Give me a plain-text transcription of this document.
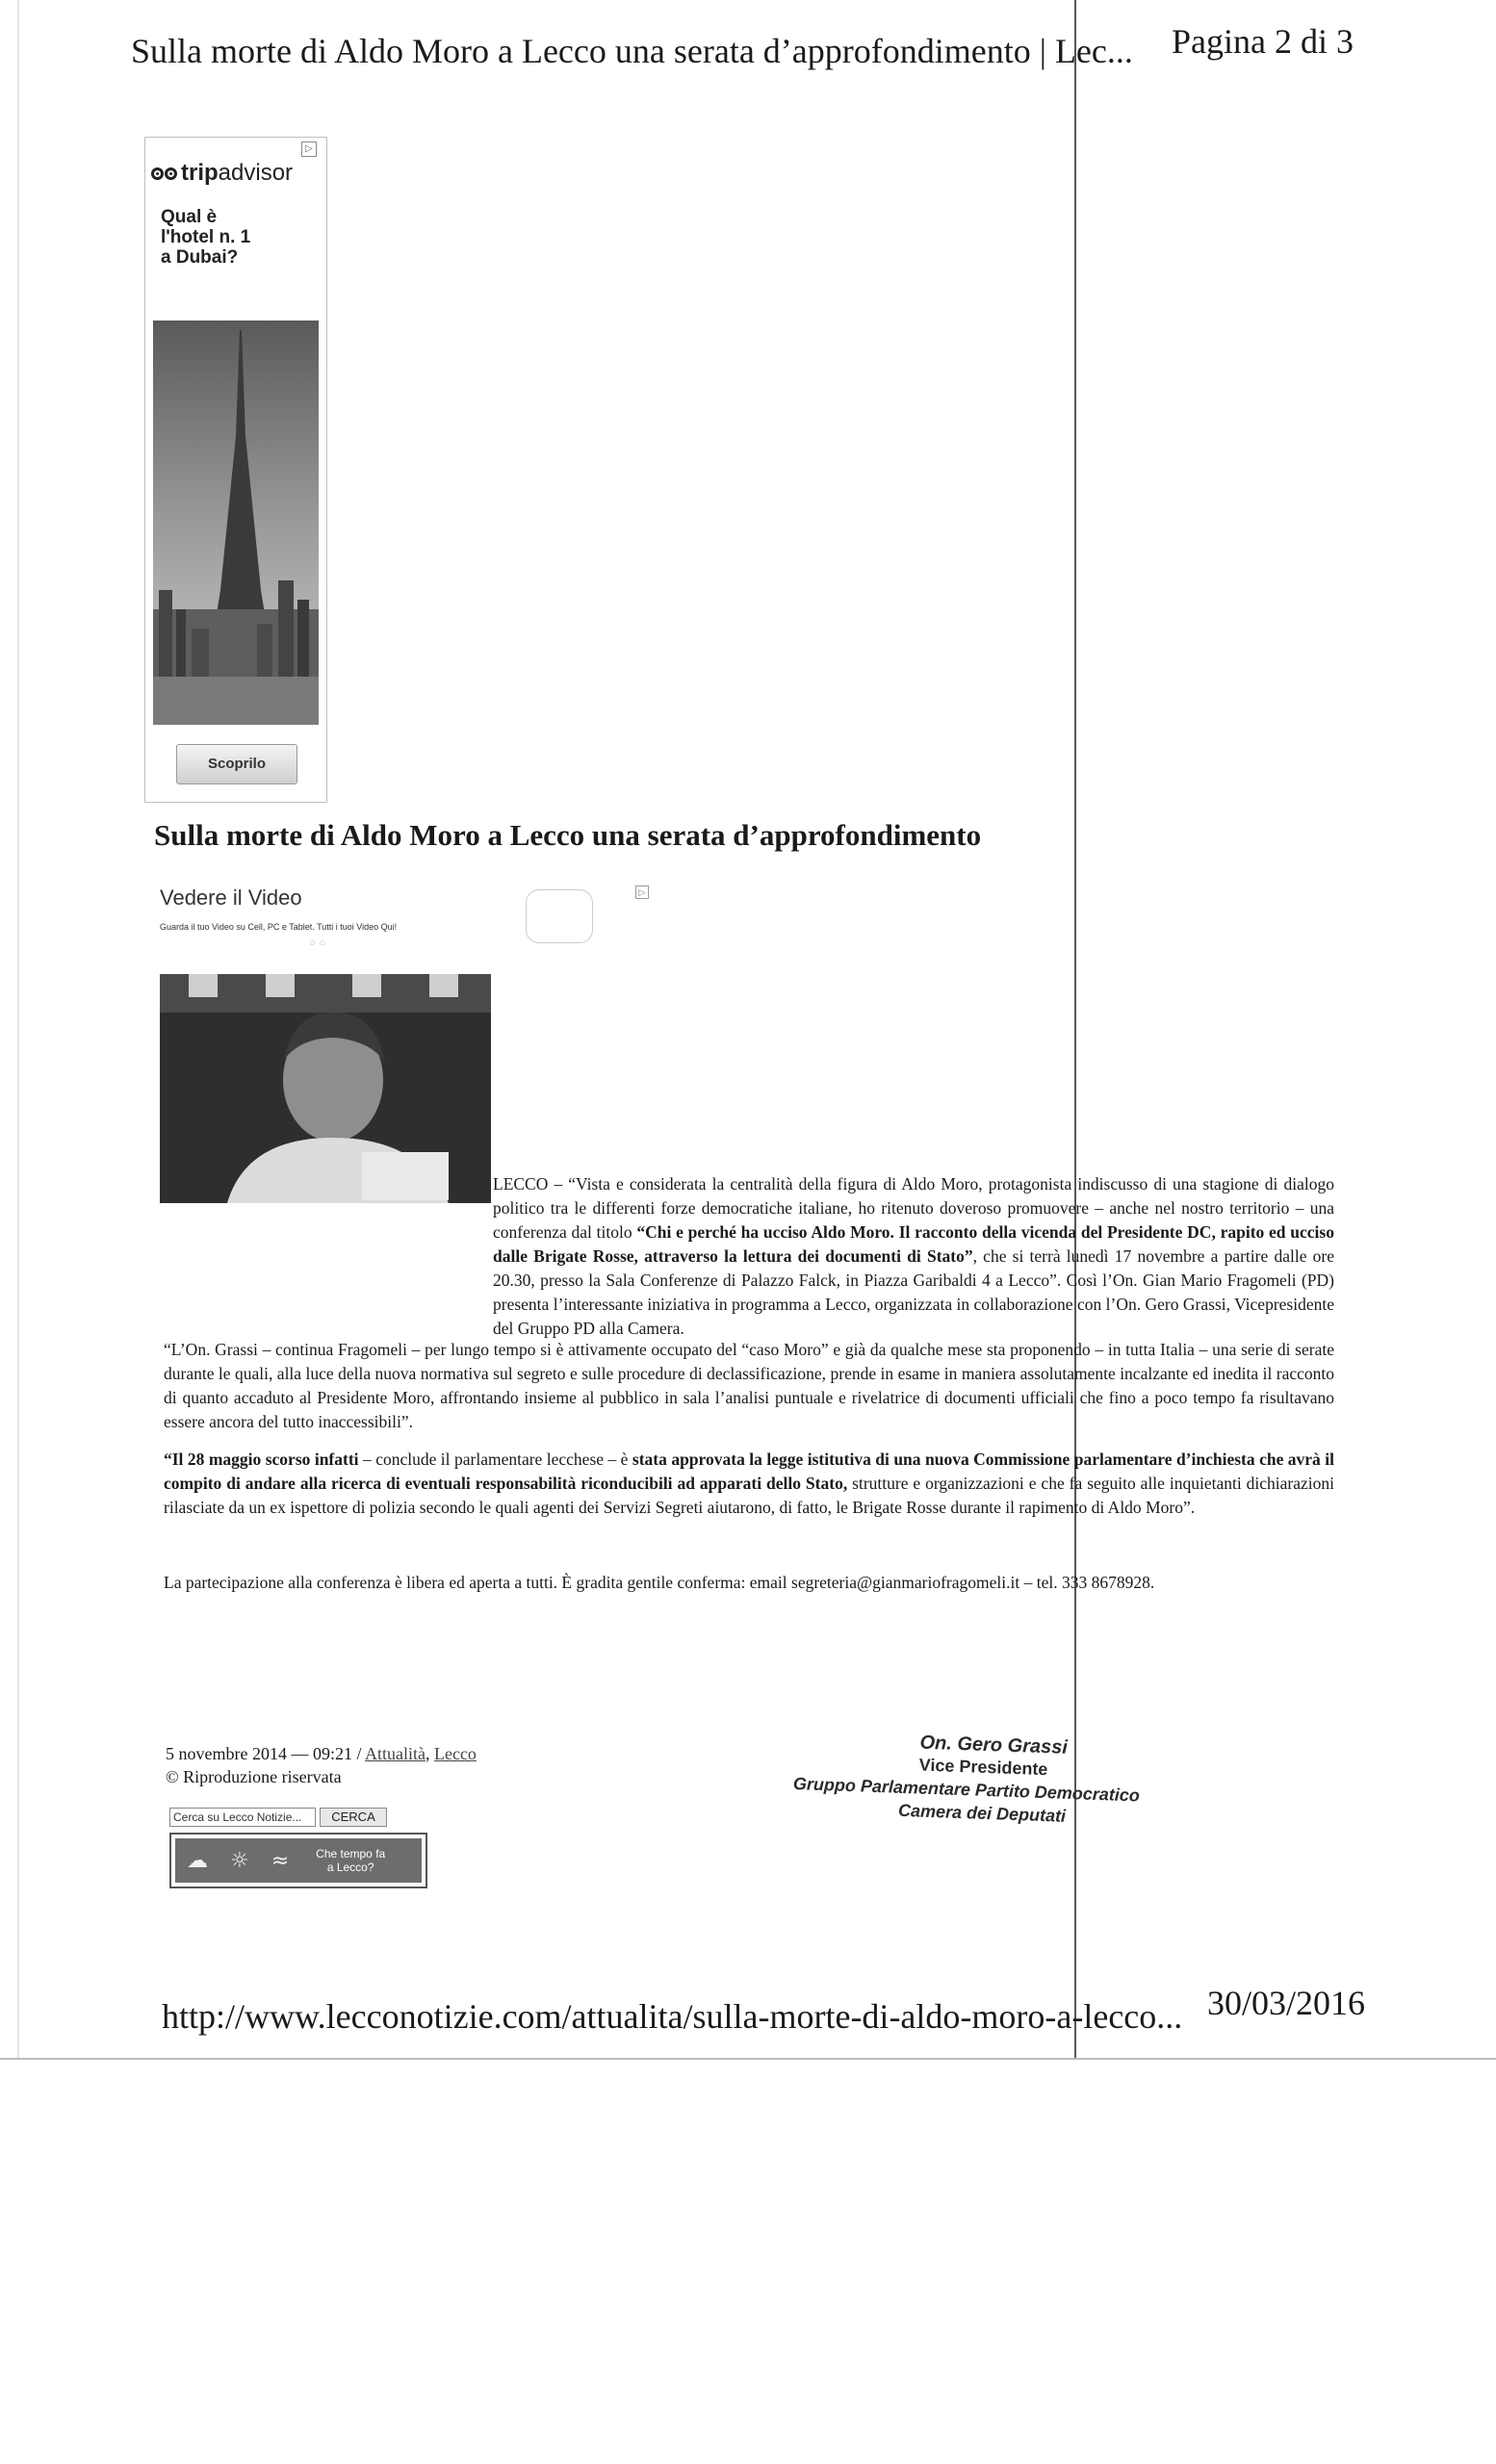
Sulla morte di Aldo Moro a Lecco una serata d’approfondimento | Lec... Pagina 2 di 3
▷
tripadvisor
Qual è
l'hotel n. 1
a Dubai?
Scoprilo
Sulla morte di Aldo Moro a Lecco una serata d’approfondimento
Vedere il Video
Guarda il tuo Video su Cell, PC e Tablet. Tutti i tuoi Video Qui!
○○
▷
LECCO – “Vista e considerata la centralità della figura di Aldo Moro, protagonista indiscusso di una stagione di dialogo politico tra le differenti forze democratiche italiane, ho ritenuto doveroso promuovere – anche nel nostro territorio – una conferenza dal titolo “Chi e perché ha ucciso Aldo Moro. Il racconto della vicenda del Presidente DC, rapito ed ucciso dalle Brigate Rosse, attraverso la lettura dei documenti di Stato”, che si terrà lunedì 17 novembre a partire dalle ore 20.30, presso la Sala Conferenze di Palazzo Falck, in Piazza Garibaldi 4 a Lecco”. Così l’On. Gian Mario Fragomeli (PD) presenta l’interessante iniziativa in programma a Lecco, organizzata in collaborazione con l’On. Gero Grassi, Vicepresidente del Gruppo PD alla Camera.
“L’On. Grassi – continua Fragomeli – per lungo tempo si è attivamente occupato del “caso Moro” e già da qualche mese sta proponendo – in tutta Italia – una serie di serate durante le quali, alla luce della nuova normativa sul segreto e sulle procedure di declassificazione, prende in esame in maniera assolutamente incalzante ed inedita il racconto di quanto accaduto al Presidente Moro, affrontando insieme al pubblico in sala l’analisi puntuale e rivelatrice di documenti ufficiali che fino a poco tempo fa risultavano essere ancora del tutto inaccessibili”.
“Il 28 maggio scorso infatti – conclude il parlamentare lecchese – è stata approvata la legge istitutiva di una nuova Commissione parlamentare d’inchiesta che avrà il compito di andare alla ricerca di eventuali responsabilità riconducibili ad apparati dello Stato, strutture e organizzazioni e che fa seguito alle inquietanti dichiarazioni rilasciate da un ex ispettore di polizia secondo le quali agenti dei Servizi Segreti aiutarono, di fatto, le Brigate Rosse durante il rapimento di Aldo Moro”.
La partecipazione alla conferenza è libera ed aperta a tutti. È gradita gentile conferma: email segreteria@gianmariofragomeli.it – tel. 333 8678928.
5 novembre 2014 — 09:21 / Attualità, Lecco
© Riproduzione riservata
Cerca su Lecco Notizie...	CERCA
☁ ☼ ≈ Che tempo fa
a Lecco?
On. Gero Grassi
Vice Presidente
Gruppo Parlamentare Partito Democratico
Camera dei Deputati
http://www.lecconotizie.com/attualita/sulla-morte-di-aldo-moro-a-lecco... 30/03/2016
